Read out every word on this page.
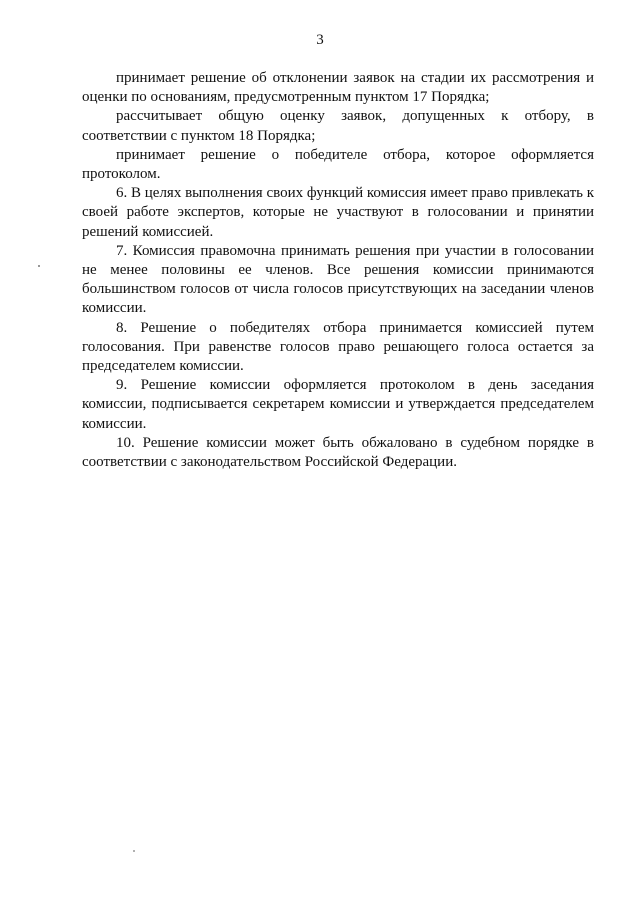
3

принимает решение об отклонении заявок на стадии их рассмотрения и оценки по основаниям, предусмотренным пунктом 17 Порядка;

рассчитывает общую оценку заявок, допущенных к отбору, в соответствии с пунктом 18 Порядка;

принимает решение о победителе отбора, которое оформляется протоколом.

6. В целях выполнения своих функций комиссия имеет право привлекать к своей работе экспертов, которые не участвуют в голосовании и принятии решений комиссией.

7. Комиссия правомочна принимать решения при участии в голосовании не менее половины ее членов. Все решения комиссии принимаются большинством голосов от числа голосов присутствующих на заседании членов комиссии.

8. Решение о победителях отбора принимается комиссией путем голосования. При равенстве голосов право решающего голоса остается за председателем комиссии.

9. Решение комиссии оформляется протоколом в день заседания комиссии, подписывается секретарем комиссии и утверждается председателем комиссии.

10. Решение комиссии может быть обжаловано в судебном порядке в соответствии с законодательством Российской Федерации.
